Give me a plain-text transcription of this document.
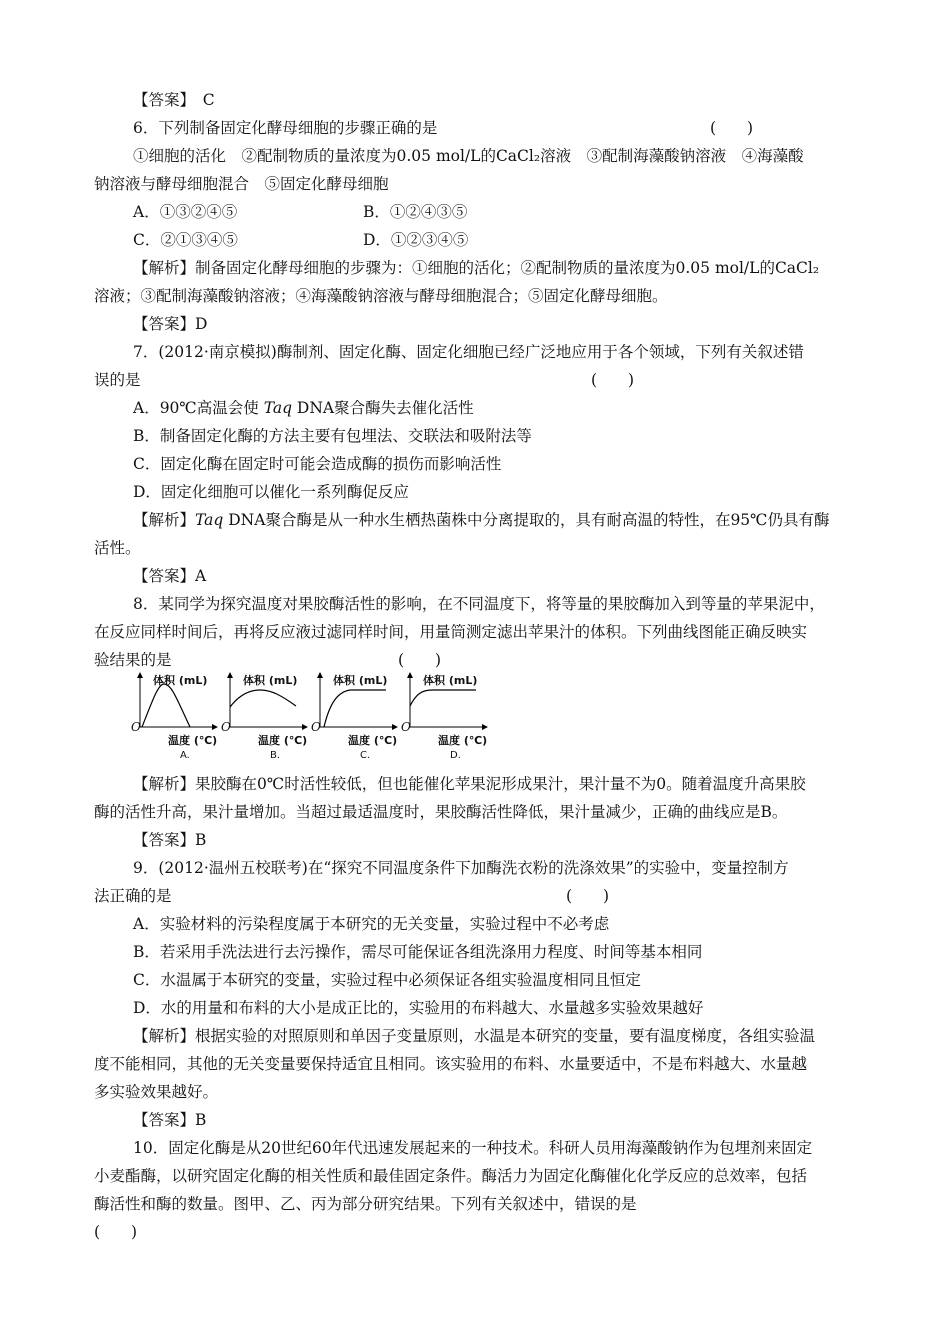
【答案】　C
6．下列制备固定化酵母细胞的步骤正确的是
①细胞的活化　②配制物质的量浓度为0.05 mol/L的CaCl₂溶液　③配制海藻酸钠溶液　④海藻酸
钠溶液与酵母细胞混合　⑤固定化酵母细胞
【解析】制备固定化酵母细胞的步骤为：①细胞的活化；②配制物质的量浓度为0.05 mol/L的CaCl₂
溶液；③配制海藻酸钠溶液；④海藻酸钠溶液与酵母细胞混合；⑤固定化酵母细胞。
【答案】D
7．(2012·南京模拟)酶制剂、固定化酶、固定化细胞已经广泛地应用于各个领域，下列有关叙述错
误的是
A．90℃高温会使 Taq DNA聚合酶失去催化活性
B．制备固定化酶的方法主要有包埋法、交联法和吸附法等
C．固定化酶在固定时可能会造成酶的损伤而影响活性
D．固定化细胞可以催化一系列酶促反应
【解析】Taq DNA聚合酶是从一种水生栖热菌株中分离提取的，具有耐高温的特性，在95℃仍具有酶
活性。
【答案】A
8．某同学为探究温度对果胶酶活性的影响，在不同温度下，将等量的果胶酶加入到等量的苹果泥中，
在反应同样时间后，再将反应液过滤同样时间，用量筒测定滤出苹果汁的体积。下列曲线图能正确反映实
验结果的是
【解析】果胶酶在0℃时活性较低，但也能催化苹果泥形成果汁，果汁量不为0。随着温度升高果胶
酶的活性升高，果汁量增加。当超过最适温度时，果胶酶活性降低，果汁量减少，正确的曲线应是B。
【答案】B
9．(2012·温州五校联考)在“探究不同温度条件下加酶洗衣粉的洗涤效果”的实验中，变量控制方
法正确的是
A．实验材料的污染程度属于本研究的无关变量，实验过程中不必考虑
B．若采用手洗法进行去污操作，需尽可能保证各组洗涤用力程度、时间等基本相同
C．水温属于本研究的变量，实验过程中必须保证各组实验温度相同且恒定
D．水的用量和布料的大小是成正比的，实验用的布料越大、水量越多实验效果越好
【解析】根据实验的对照原则和单因子变量原则，水温是本研究的变量，要有温度梯度，各组实验温
度不能相同，其他的无关变量要保持适宜且相同。该实验用的布料、水量要适中，不是布料越大、水量越
多实验效果越好。
【答案】B
10．固定化酶是从20世纪60年代迅速发展起来的一种技术。科研人员用海藻酸钠作为包埋剂来固定
小麦酯酶，以研究固定化酶的相关性质和最佳固定条件。酶活力为固定化酶催化化学反应的总效率，包括
酶活性和酶的数量。图甲、乙、丙为部分研究结果。下列有关叙述中，错误的是
(　　)
(　　)
(　　)
(　　)
(　　)
A．①③②④⑤	B．①②④③⑤
C．②①③④⑤	D．①②③④⑤
体积 (mL)
O
温度 (℃)
A.
体积 (mL)
O
温度 (℃)
B.
体积 (mL)
O
温度 (℃)
C.
体积 (mL)
O
温度 (℃)
D.
